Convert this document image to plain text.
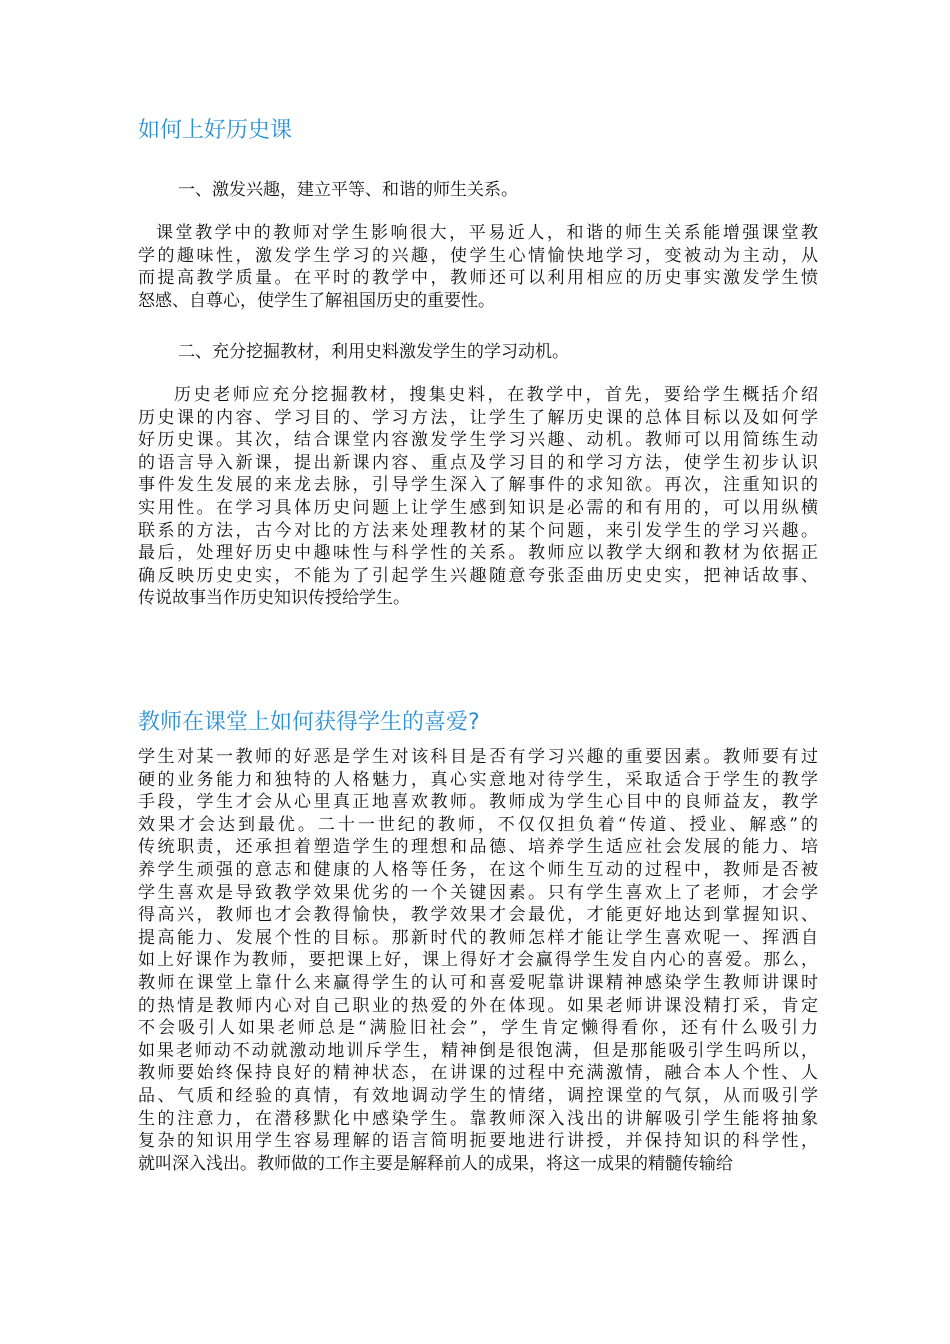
如何上好历史课
一、激发兴趣，建立平等、和谐的师生关系。
课堂教学中的教师对学生影响很大，平易近人，和谐的师生关系能增强课堂教
学的趣味性，激发学生学习的兴趣，使学生心情愉快地学习，变被动为主动，从
而提高教学质量。在平时的教学中，教师还可以利用相应的历史事实激发学生愤
怒感、自尊心，使学生了解祖国历史的重要性。
二、充分挖掘教材，利用史料激发学生的学习动机。
历史老师应充分挖掘教材，搜集史料，在教学中，首先，要给学生概括介绍
历史课的内容、学习目的、学习方法，让学生了解历史课的总体目标以及如何学
好历史课。其次，结合课堂内容激发学生学习兴趣、动机。教师可以用简练生动
的语言导入新课，提出新课内容、重点及学习目的和学习方法，使学生初步认识
事件发生发展的来龙去脉，引导学生深入了解事件的求知欲。再次，注重知识的
实用性。在学习具体历史问题上让学生感到知识是必需的和有用的，可以用纵横
联系的方法，古今对比的方法来处理教材的某个问题，来引发学生的学习兴趣。
最后，处理好历史中趣味性与科学性的关系。教师应以教学大纲和教材为依据正
确反映历史史实，不能为了引起学生兴趣随意夸张歪曲历史史实，把神话故事、
传说故事当作历史知识传授给学生。
教师在课堂上如何获得学生的喜爱?
学生对某一教师的好恶是学生对该科目是否有学习兴趣的重要因素。教师要有过
硬的业务能力和独特的人格魅力，真心实意地对待学生，采取适合于学生的教学
手段，学生才会从心里真正地喜欢教师。教师成为学生心目中的良师益友，教学
效果才会达到最优。二十一世纪的教师，不仅仅担负着“传道、授业、解惑”的
传统职责，还承担着塑造学生的理想和品德、培养学生适应社会发展的能力、培
养学生顽强的意志和健康的人格等任务，在这个师生互动的过程中，教师是否被
学生喜欢是导致教学效果优劣的一个关键因素。只有学生喜欢上了老师，才会学
得高兴，教师也才会教得愉快，教学效果才会最优，才能更好地达到掌握知识、
提高能力、发展个性的目标。那新时代的教师怎样才能让学生喜欢呢一、挥洒自
如上好课作为教师，要把课上好，课上得好才会赢得学生发自内心的喜爱。那么，
教师在课堂上靠什么来赢得学生的认可和喜爱呢靠讲课精神感染学生教师讲课时
的热情是教师内心对自己职业的热爱的外在体现。如果老师讲课没精打采，肯定
不会吸引人如果老师总是“满脸旧社会”，学生肯定懒得看你，还有什么吸引力
如果老师动不动就激动地训斥学生，精神倒是很饱满，但是那能吸引学生吗所以，
教师要始终保持良好的精神状态，在讲课的过程中充满激情，融合本人个性、人
品、气质和经验的真情，有效地调动学生的情绪，调控课堂的气氛，从而吸引学
生的注意力，在潜移默化中感染学生。靠教师深入浅出的讲解吸引学生能将抽象
复杂的知识用学生容易理解的语言简明扼要地进行讲授，并保持知识的科学性，
就叫深入浅出。教师做的工作主要是解释前人的成果，将这一成果的精髓传输给
